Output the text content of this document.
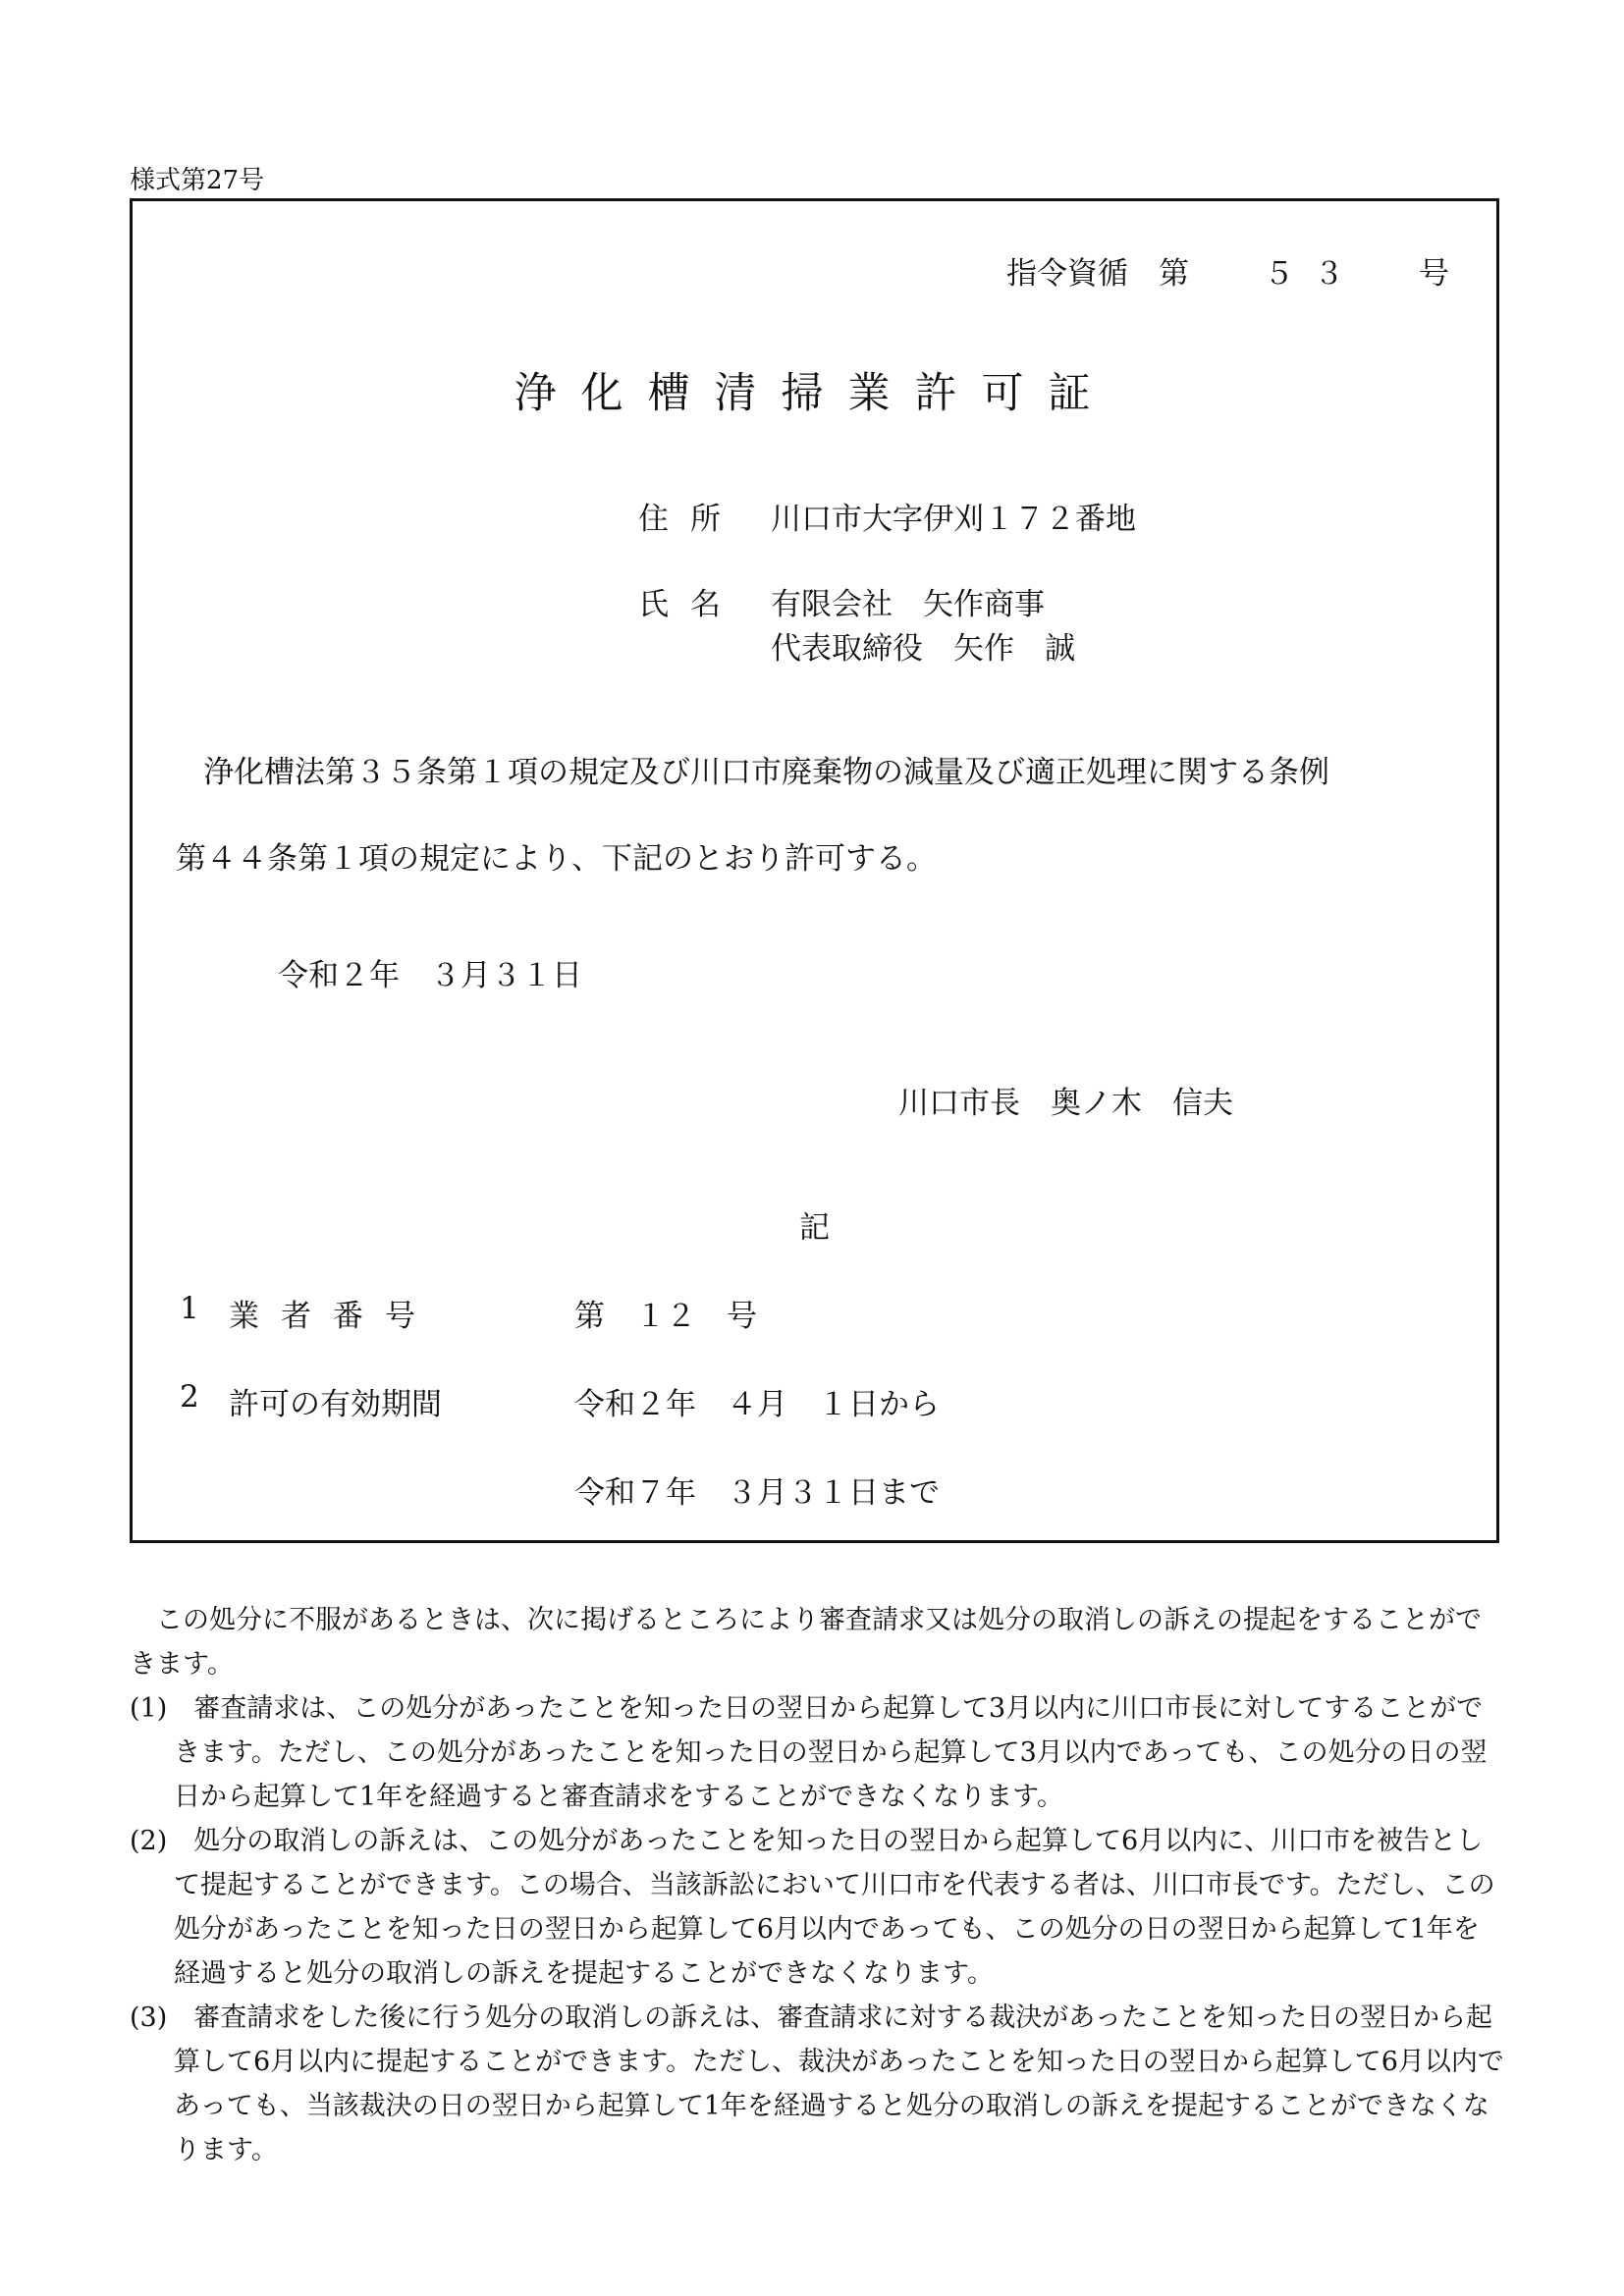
様式第27号
指令資循　第 ５３ 号
浄化槽清掃業許可証
住所 川口市大字伊刈１７２番地
氏名 有限会社　矢作商事
代表取締役　矢作　誠
浄化槽法第３５条第１項の規定及び川口市廃棄物の減量及び適正処理に関する条例
第４４条第１項の規定により、下記のとおり許可する。
令和２年　３月３１日
川口市長　奥ノ木　信夫
記
1 業者番号	第　１２　号
2 許可の有効期間	令和２年　４月　１日から
令和７年　３月３１日まで

この処分に不服があるときは、次に掲げるところにより審査請求又は処分の取消しの訴えの提起をすることができます。

(1)　審査請求は、この処分があったことを知った日の翌日から起算して3月以内に川口市長に対してすることができます。ただし、この処分があったことを知った日の翌日から起算して3月以内であっても、この処分の日の翌日から起算して1年を経過すると審査請求をすることができなくなります。

(2)　処分の取消しの訴えは、この処分があったことを知った日の翌日から起算して6月以内に、川口市を被告として提起することができます。この場合、当該訴訟において川口市を代表する者は、川口市長です。ただし、この処分があったことを知った日の翌日から起算して6月以内であっても、この処分の日の翌日から起算して1年を経過すると処分の取消しの訴えを提起することができなくなります。

(3)　審査請求をした後に行う処分の取消しの訴えは、審査請求に対する裁決があったことを知った日の翌日から起算して6月以内に提起することができます。ただし、裁決があったことを知った日の翌日から起算して6月以内であっても、当該裁決の日の翌日から起算して1年を経過すると処分の取消しの訴えを提起することができなくなります。
